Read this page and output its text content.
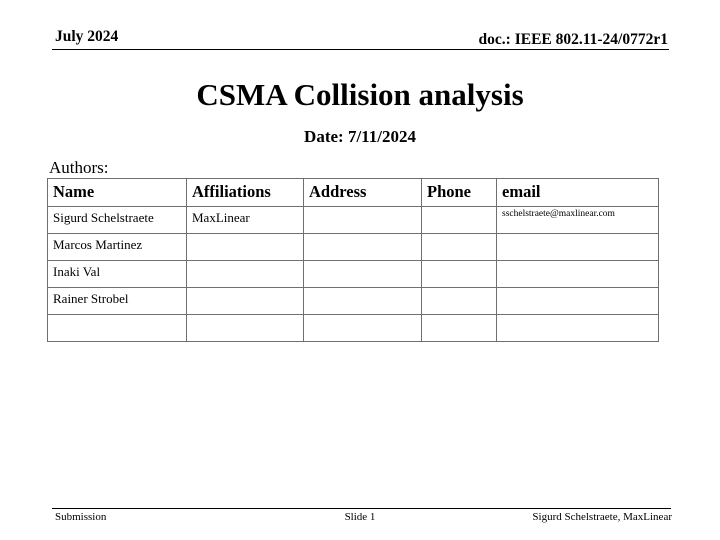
July 2024	doc.: IEEE 802.11-24/0772r1
CSMA Collision analysis
Date: 7/11/2024
Authors:
Name	Affiliations	Address	Phone	email
Sigurd Schelstraete	MaxLinear			sschelstraete@maxlinear.com
Marcos Martinez				
Inaki Val				
Rainer Strobel				

Submission	Slide 1	Sigurd Schelstraete, MaxLinear
